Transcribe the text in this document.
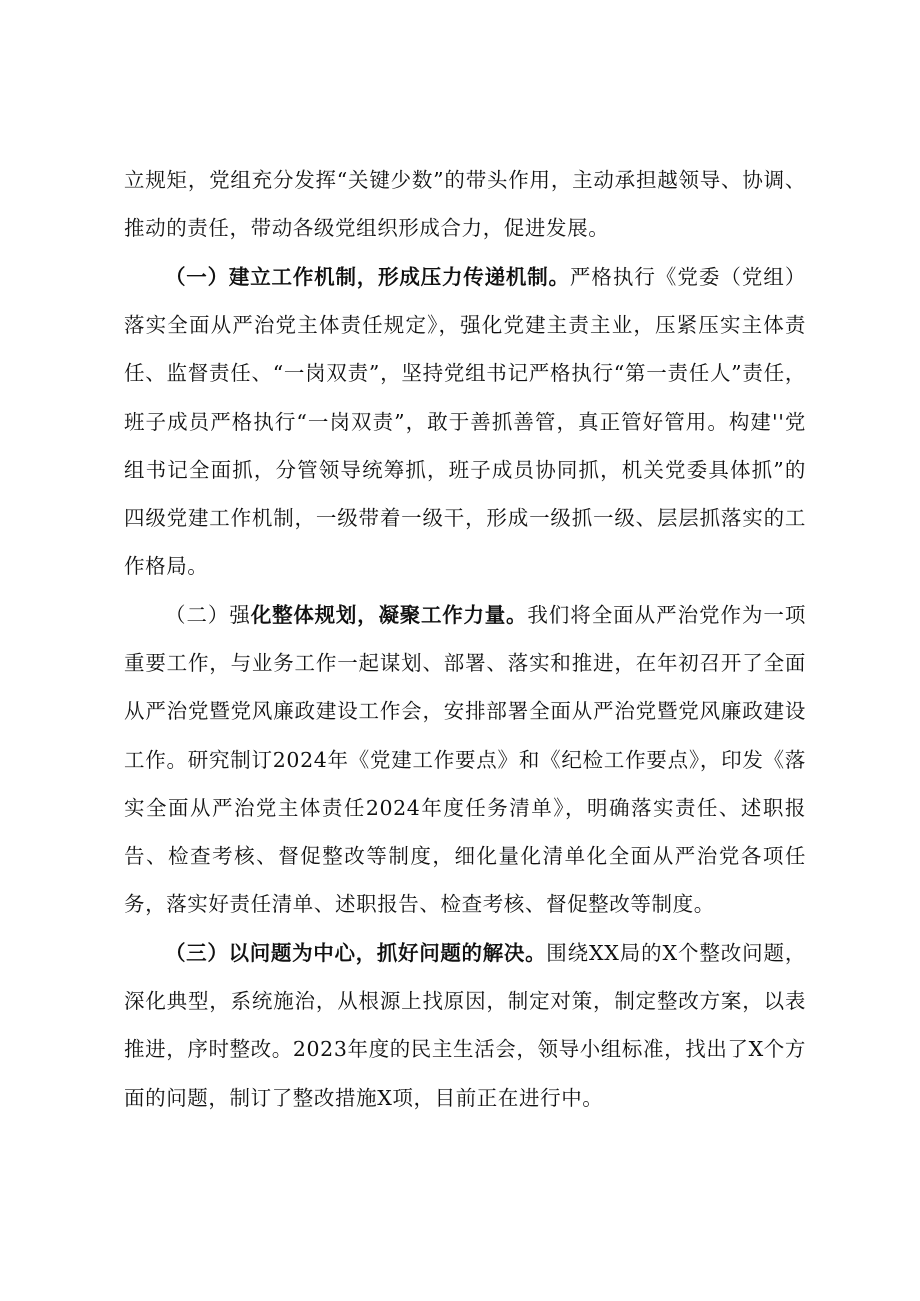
立规矩，党组充分发挥“关键少数”的带头作用，主动承担越领导、协调、推动的责任，带动各级党组织形成合力，促进发展。

（一）建立工作机制，形成压力传递机制。严格执行《党委（党组）落实全面从严治党主体责任规定》，强化党建主责主业，压紧压实主体责任、监督责任、“一岗双责”，坚持党组书记严格执行“第一责任人”责任，班子成员严格执行“一岗双责”，敢于善抓善管，真正管好管用。构建''党组书记全面抓，分管领导统筹抓，班子成员协同抓，机关党委具体抓”的四级党建工作机制，一级带着一级干，形成一级抓一级、层层抓落实的工作格局。

（二）强化整体规划，凝聚工作力量。我们将全面从严治党作为一项重要工作，与业务工作一起谋划、部署、落实和推进，在年初召开了全面从严治党暨党风廉政建设工作会，安排部署全面从严治党暨党风廉政建设工作。研究制订2024年《党建工作要点》和《纪检工作要点》，印发《落实全面从严治党主体责任2024年度任务清单》，明确落实责任、述职报告、检查考核、督促整改等制度，细化量化清单化全面从严治党各项任务，落实好责任清单、述职报告、检查考核、督促整改等制度。

（三）以问题为中心，抓好问题的解决。围绕XX局的X个整改问题，深化典型，系统施治，从根源上找原因，制定对策，制定整改方案，以表推进，序时整改。2023年度的民主生活会，领导小组标准，找出了X个方面的问题，制订了整改措施X项，目前正在进行中。
